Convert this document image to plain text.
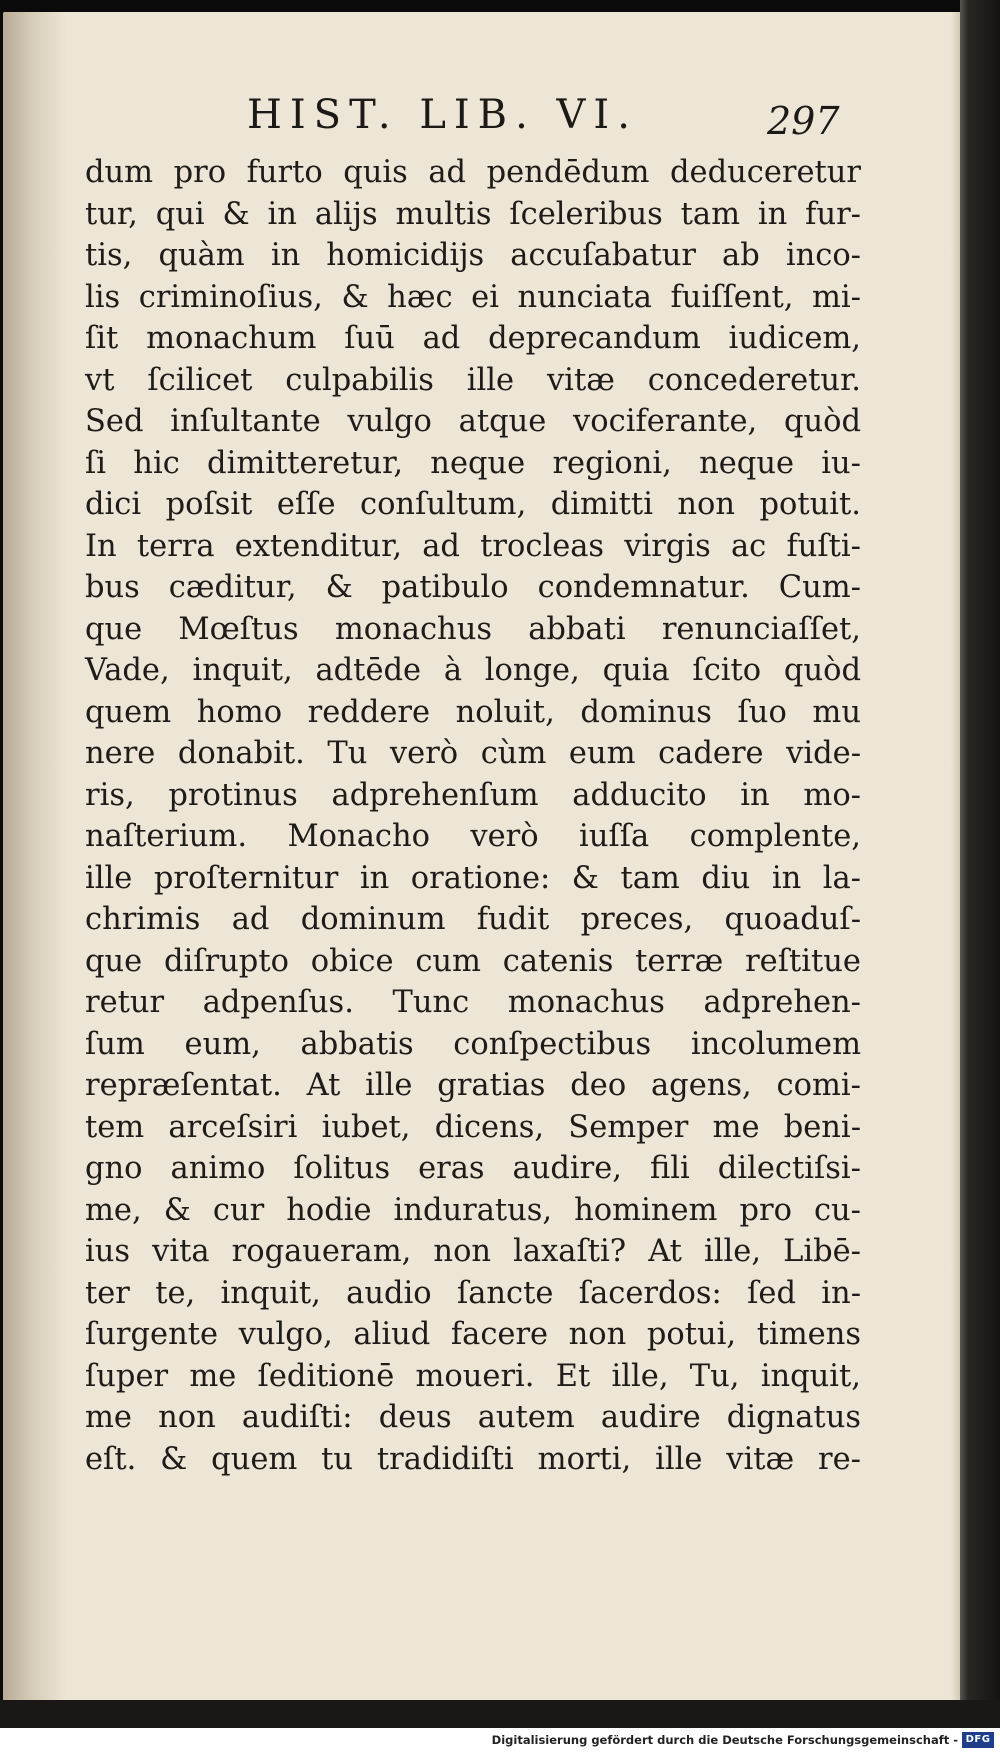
HIST. LIB. VI.	297
dum pro furto quis ad pendēdum deduceretur
tur, qui & in alijs multis ſceleribus tam in fur-
tis, quàm in homicidijs accuſabatur ab inco-
lis criminoſius, & hæc ei nunciata fuiſſent, mi-
ſit monachum ſuū ad deprecandum iudicem,
vt ſcilicet culpabilis ille vitæ concederetur.
Sed inſultante vulgo atque vociferante, quòd
ſi hic dimitteretur, neque regioni, neque iu-
dici poſsit eſſe conſultum, dimitti non potuit.
In terra extenditur, ad trocleas virgis ac fuſti-
bus cæditur, & patibulo condemnatur. Cum-
que Mœſtus monachus abbati renunciaſſet,
Vade, inquit, adtēde à longe, quia ſcito quòd
quem homo reddere noluit, dominus ſuo mu
nere donabit. Tu verò cùm eum cadere vide-
ris, protinus adprehenſum adducito in mo-
naſterium. Monacho verò iuſſa complente,
ille proſternitur in oratione: & tam diu in la-
chrimis ad dominum fudit preces, quoaduſ-
que diſrupto obice cum catenis terræ reſtitue
retur adpenſus. Tunc monachus adprehen-
ſum eum, abbatis conſpectibus incolumem
repræſentat. At ille gratias deo agens, comi-
tem arceſsiri iubet, dicens, Semper me beni-
gno animo ſolitus eras audire, fili dilectiſsi-
me, & cur hodie induratus, hominem pro cu-
ius vita rogaueram, non laxaſti? At ille, Libē-
ter te, inquit, audio ſancte ſacerdos: ſed in-
ſurgente vulgo, aliud facere non potui, timens
ſuper me ſeditionē moueri. Et ille, Tu, inquit,
me non audiſti: deus autem audire dignatus
eſt. & quem tu tradidiſti morti, ille vitæ re-
Digitalisierung gefördert durch die Deutsche Forschungsgemeinschaft - DFG
